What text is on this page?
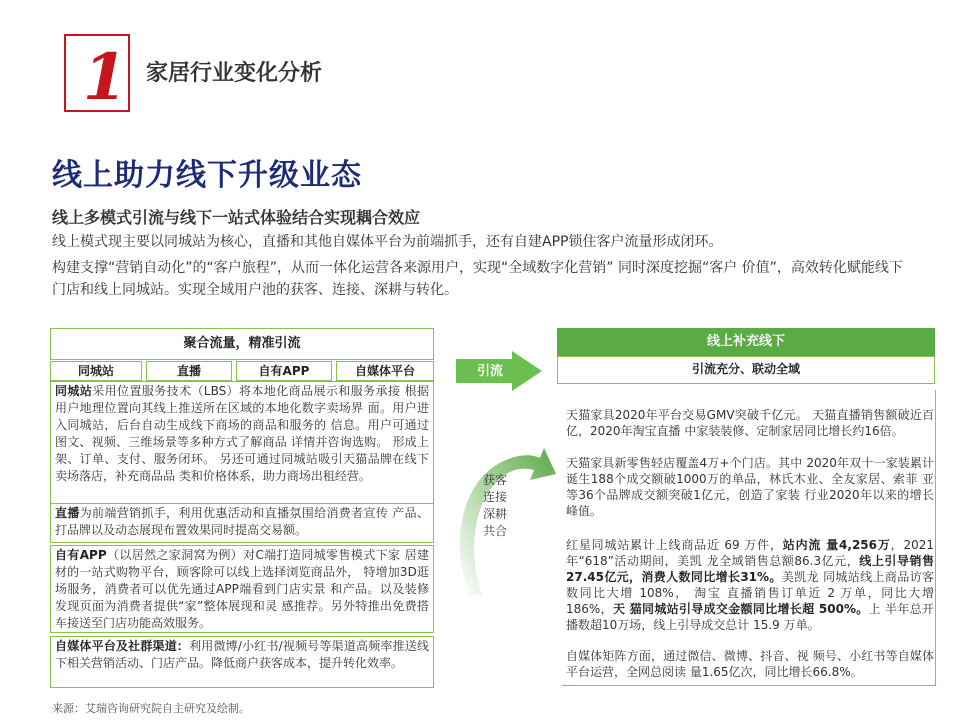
1 家居行业变化分析
线上助力线下升级业态
线上多模式引流与线下一站式体验结合实现耦合效应
线上模式现主要以同城站为核心，直播和其他自媒体平台为前端抓手，还有自建APP锁住客户流量形成闭环。
构建支撑“营销自动化”的“客户旅程”，从而一体化运营各来源用户，实现“全域数字化营销” 同时深度挖掘“客户 价值”，高效转化赋能线下门店和线上同城站。实现全域用户池的获客、连接、深耕与转化。
聚合流量，精准引流
同城站	直播	自有APP	自媒体平台
同城站采用位置服务技术（LBS）将本地化商品展示和服务承接 根据用户地理位置向其线上推送所在区域的本地化数字卖场界 面。用户进入同城站，后台自动生成线下商场的商品和服务的 信息。用户可通过图文、视频、三维场景等多种方式了解商品 详情并咨询选购。 形成上架、订单、支付、服务闭环。 另还可通过同城站吸引天猫品牌在线下卖场落店，补充商品品 类和价格体系，助力商场出租经营。
直播为前端营销抓手，利用优惠活动和直播氛围给消费者宣传 产品、打品牌以及动态展现布置效果同时提高交易额。
自有APP（以居然之家洞窝为例）对C端打造同城零售模式下家 居建材的一站式购物平台，顾客除可以线上选择浏览商品外， 特增加3D逛场服务，消费者可以优先通过APP端看到门店实景 和产品。以及装修发现页面为消费者提供“家”整体展现和灵 感推荐。另外特推出免费搭车接送至门店功能高效服务。
自媒体平台及社群渠道：利用微博/小红书/视频号等渠道高频率推送线下相关营销活动、门店产品。降低商户获客成本，提升转化效率。
引流
获客
连接
深耕
共合
线上补充线下
引流充分、联动全域
天猫家具2020年平台交易GMV突破千亿元。 天猫直播销售额破近百亿，2020年淘宝直播 中家装装修、定制家居同比增长约16倍。
天猫家具新零售轻店覆盖4万+个门店。其中 2020年双十一家装累计诞生188个成交额破1000万的单品，林氏木业、全友家居、索菲 亚等36个品牌成交额突破1亿元，创造了家装 行业2020年以来的增长峰值。
红星同城站累计上线商品近 69 万件，站内流 量4,256万，2021年“618”活动期间，美凯 龙全域销售总额86.3亿元，线上引导销售 27.45亿元，消费人数同比增长31%。美凯龙 同城站线上商品访客数同比大增 108%， 淘宝 直播销售订单近 2 万单，同比大增 186%，天 猫同城站引导成交金额同比增长超 500%。上 半年总开播数超10万场，线上引导成交总计 15.9 万单。
自媒体矩阵方面，通过微信、微博、抖音、视 频号、小红书等自媒体平台运营，全网总阅读 量1.65亿次，同比增长66.8%。
来源：艾瑞咨询研究院自主研究及绘制。
